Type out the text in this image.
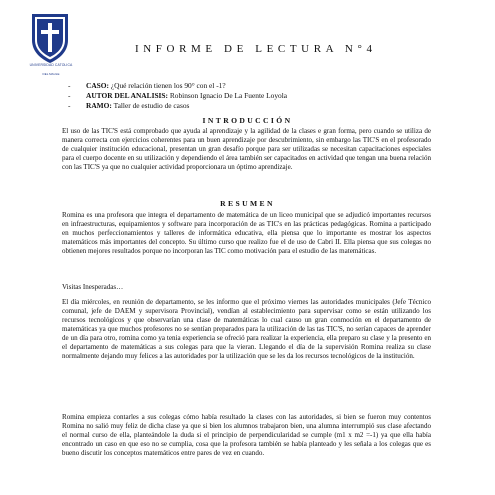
UNIVERSIDAD CATOLICA
DEL MAULE
INFORME DE LECTURA N°4
- CASO: ¿Qué relación tienen los 90° con el -1?
- AUTOR DEL ANALISIS: Robinson Ignacio De La Fuente Loyola
- RAMO: Taller de estudio de casos
INTRODUCCIÓN

El uso de las TIC'S está comprobado que ayuda al aprendizaje y la agilidad de la clases e gran forma, pero cuando se utiliza de manera correcta con ejercicios coherentes para un buen aprendizaje por descubrimiento, sin embargo las TIC'S en el profesorado de cualquier institución educacional, presentan un gran desafío porque para ser utilizadas se necesitan capacitaciones especiales para el cuerpo docente en su utilización y dependiendo el área también ser capacitados en actividad que tengan una buena relación con las TIC'S ya que no cualquier actividad proporcionara un óptimo aprendizaje.

RESUMEN

Romina es una profesora que integra el departamento de matemática de un liceo municipal que se adjudicó importantes recursos en infraestructuras, equipamientos y software para incorporación de as TIC's en las prácticas pedagógicas. Romina a participado en muchos perfeccionamientos y talleres de informática educativa, ella piensa que lo importante es mostrar los aspectos matemáticos más importantes del concepto. Su último curso que realizo fue el de uso de Cabri II. Ella piensa que sus colegas no obtienen mejores resultados porque no incorporan las TIC como motivación para el estudio de las matemáticas.

Visitas Inesperadas…

El día miércoles, en reunión de departamento, se les informo que el próximo viernes las autoridades municipales (Jefe Técnico comunal, jefe de DAEM y supervisora Provincial), vendían al establecimiento para supervisar como se están utilizando los recursos tecnológicos y que observarían una clase de matemáticas lo cual causo un gran conmoción en el departamento de matemáticas ya que muchos profesores no se sentían preparados para la utilización de las tas TIC'S, no serían capaces de aprender de un día para otro, romina como ya tenia experiencia se ofreció para realizar la experiencia, ella preparo su clase y la presento en el departamento de matemáticas a sus colegas para que la vieran. Llegando el día de la supervisión Romina realiza su clase normalmente dejando muy felices a las autoridades por la utilización que se les da los recursos tecnológicos de la institución.

Romina empieza contarles a sus colegas cómo había resultado la clases con las autoridades, si bien se fueron muy contentos Romina no salió muy feliz de dicha clase ya que si bien los alumnos trabajaron bien, una alumna interrumpió sus clase afectando el normal curso de ella, planteándole la duda si el principio de perpendicularidad se cumple (m1 x m2 =-1) ya que ella había encontrado un caso en que eso no se cumplia, cosa que la profesora también se había planteado y les señala a los colegas que es bueno discutir los conceptos matemáticos entre pares de vez en cuando.
